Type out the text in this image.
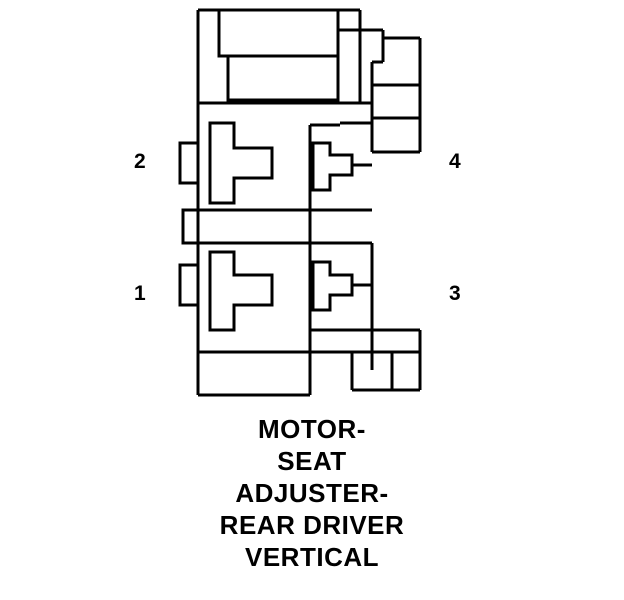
2
1
4
3
MOTOR-
SEAT
ADJUSTER-
REAR DRIVER
VERTICAL
